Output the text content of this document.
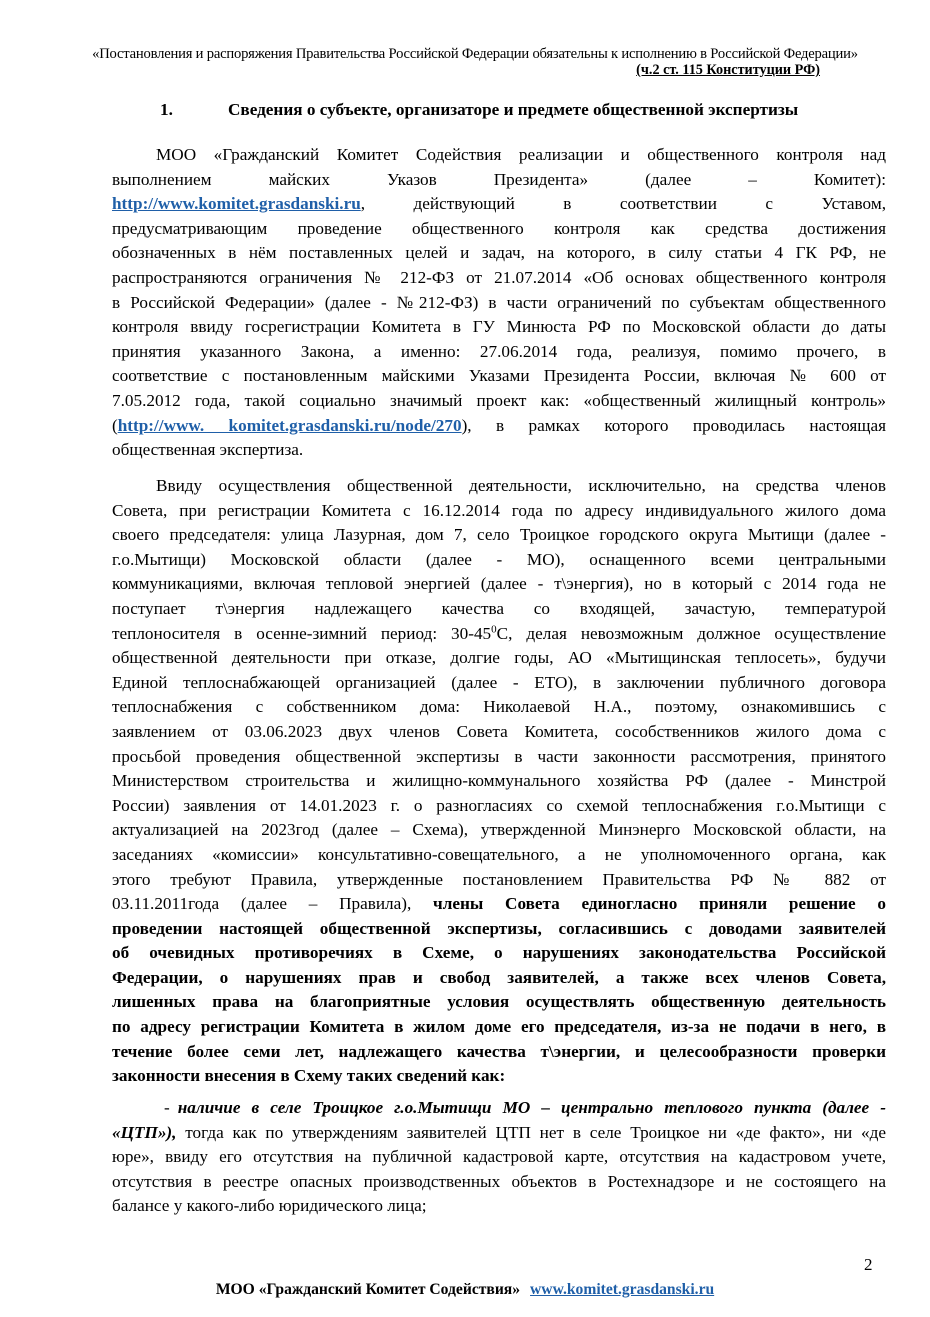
«Постановления и распоряжения Правительства Российской Федерации обязательны к исполнению в Российской Федерации»
(ч.2 ст. 115 Конституции РФ)
1.	Сведения о субъекте, организаторе и предмете общественной экспертизы
МОО «Гражданский Комитет Содействия реализации и общественного контроля над
выполнением майских Указов Президента» (далее – Комитет):
http://www.komitet.grasdanski.ru, действующий в соответствии с Уставом,
предусматривающим проведение общественного контроля как средства достижения
обозначенных в нём поставленных целей и задач, на которого, в силу статьи 4 ГК РФ, не
распространяются ограничения № 212-ФЗ от 21.07.2014 «Об основах общественного контроля
в Российской Федерации» (далее - №212-ФЗ) в части ограничений по субъектам общественного
контроля ввиду госрегистрации Комитета в ГУ Минюста РФ по Московской области до даты
принятия указанного Закона, а именно: 27.06.2014 года, реализуя, помимо прочего, в
соответствие с постановленным майскими Указами Президента России, включая № 600 от
7.05.2012 года, такой социально значимый проект как: «общественный жилищный контроль»
(http://www. komitet.grasdanski.ru/node/270), в рамках которого проводилась настоящая
общественная экспертиза.
Ввиду осуществления общественной деятельности, исключительно, на средства членов
Совета, при регистрации Комитета с 16.12.2014 года по адресу индивидуального жилого дома
своего председателя: улица Лазурная, дом 7, село Троицкое городского округа Мытищи (далее -
г.о.Мытищи) Московской области (далее - МО), оснащенного всеми центральными
коммуникациями, включая тепловой энергией (далее - т\энергия), но в который с 2014 года не
поступает т\энергия надлежащего качества со входящей, зачастую, температурой
теплоносителя в осенне-зимний период: $30-45^0С$, делая невозможным должное осуществление
общественной деятельности при отказе, долгие годы, АО «Мытищинская теплосеть», будучи
Единой теплоснабжающей организацией (далее - ЕТО), в заключении публичного договора
теплоснабжения с собственником дома: Николаевой Н.А., поэтому, ознакомившись с
заявлением от 03.06.2023 двух членов Совета Комитета, сособственников жилого дома с
просьбой проведения общественной экспертизы в части законности рассмотрения, принятого
Министерством строительства и жилищно-коммунального хозяйства РФ (далее - Минстрой
России) заявления от 14.01.2023 г. о разногласиях со схемой теплоснабжения г.о.Мытищи с
актуализацией на 2023год (далее – Схема), утвержденной Минэнерго Московской области, на
заседаниях «комиссии» консультативно-совещательного, а не уполномоченного органа, как
этого требуют Правила, утвержденные постановлением Правительства РФ № 882 от
03.11.2011года (далее – Правила), члены Совета единогласно приняли решение о
проведении настоящей общественной экспертизы, согласившись с доводами заявителей
об очевидных противоречиях в Схеме, о нарушениях законодательства Российской
Федерации, о нарушениях прав и свобод заявителей, а также всех членов Совета,
лишенных права на благоприятные условия осуществлять общественную деятельность
по адресу регистрации Комитета в жилом доме его председателя, из-за не подачи в него, в
течение более семи лет, надлежащего качества т\энергии, и целесообразности проверки
законности внесения в Схему таких сведений как:
- наличие в селе Троицкое г.о.Мытищи МО – центрально теплового пункта (далее -
«ЦТП»), тогда как по утверждениям заявителей ЦТП нет в селе Троицкое ни «де факто», ни «де
юре», ввиду его отсутствия на публичной кадастровой карте, отсутствия на кадастровом учете,
отсутствия в реестре опасных производственных объектов в Ростехнадзоре и не состоящего на
балансе у какого-либо юридического лица;
2
МОО «Гражданский Комитет Содействия» www.komitet.grasdanski.ru
